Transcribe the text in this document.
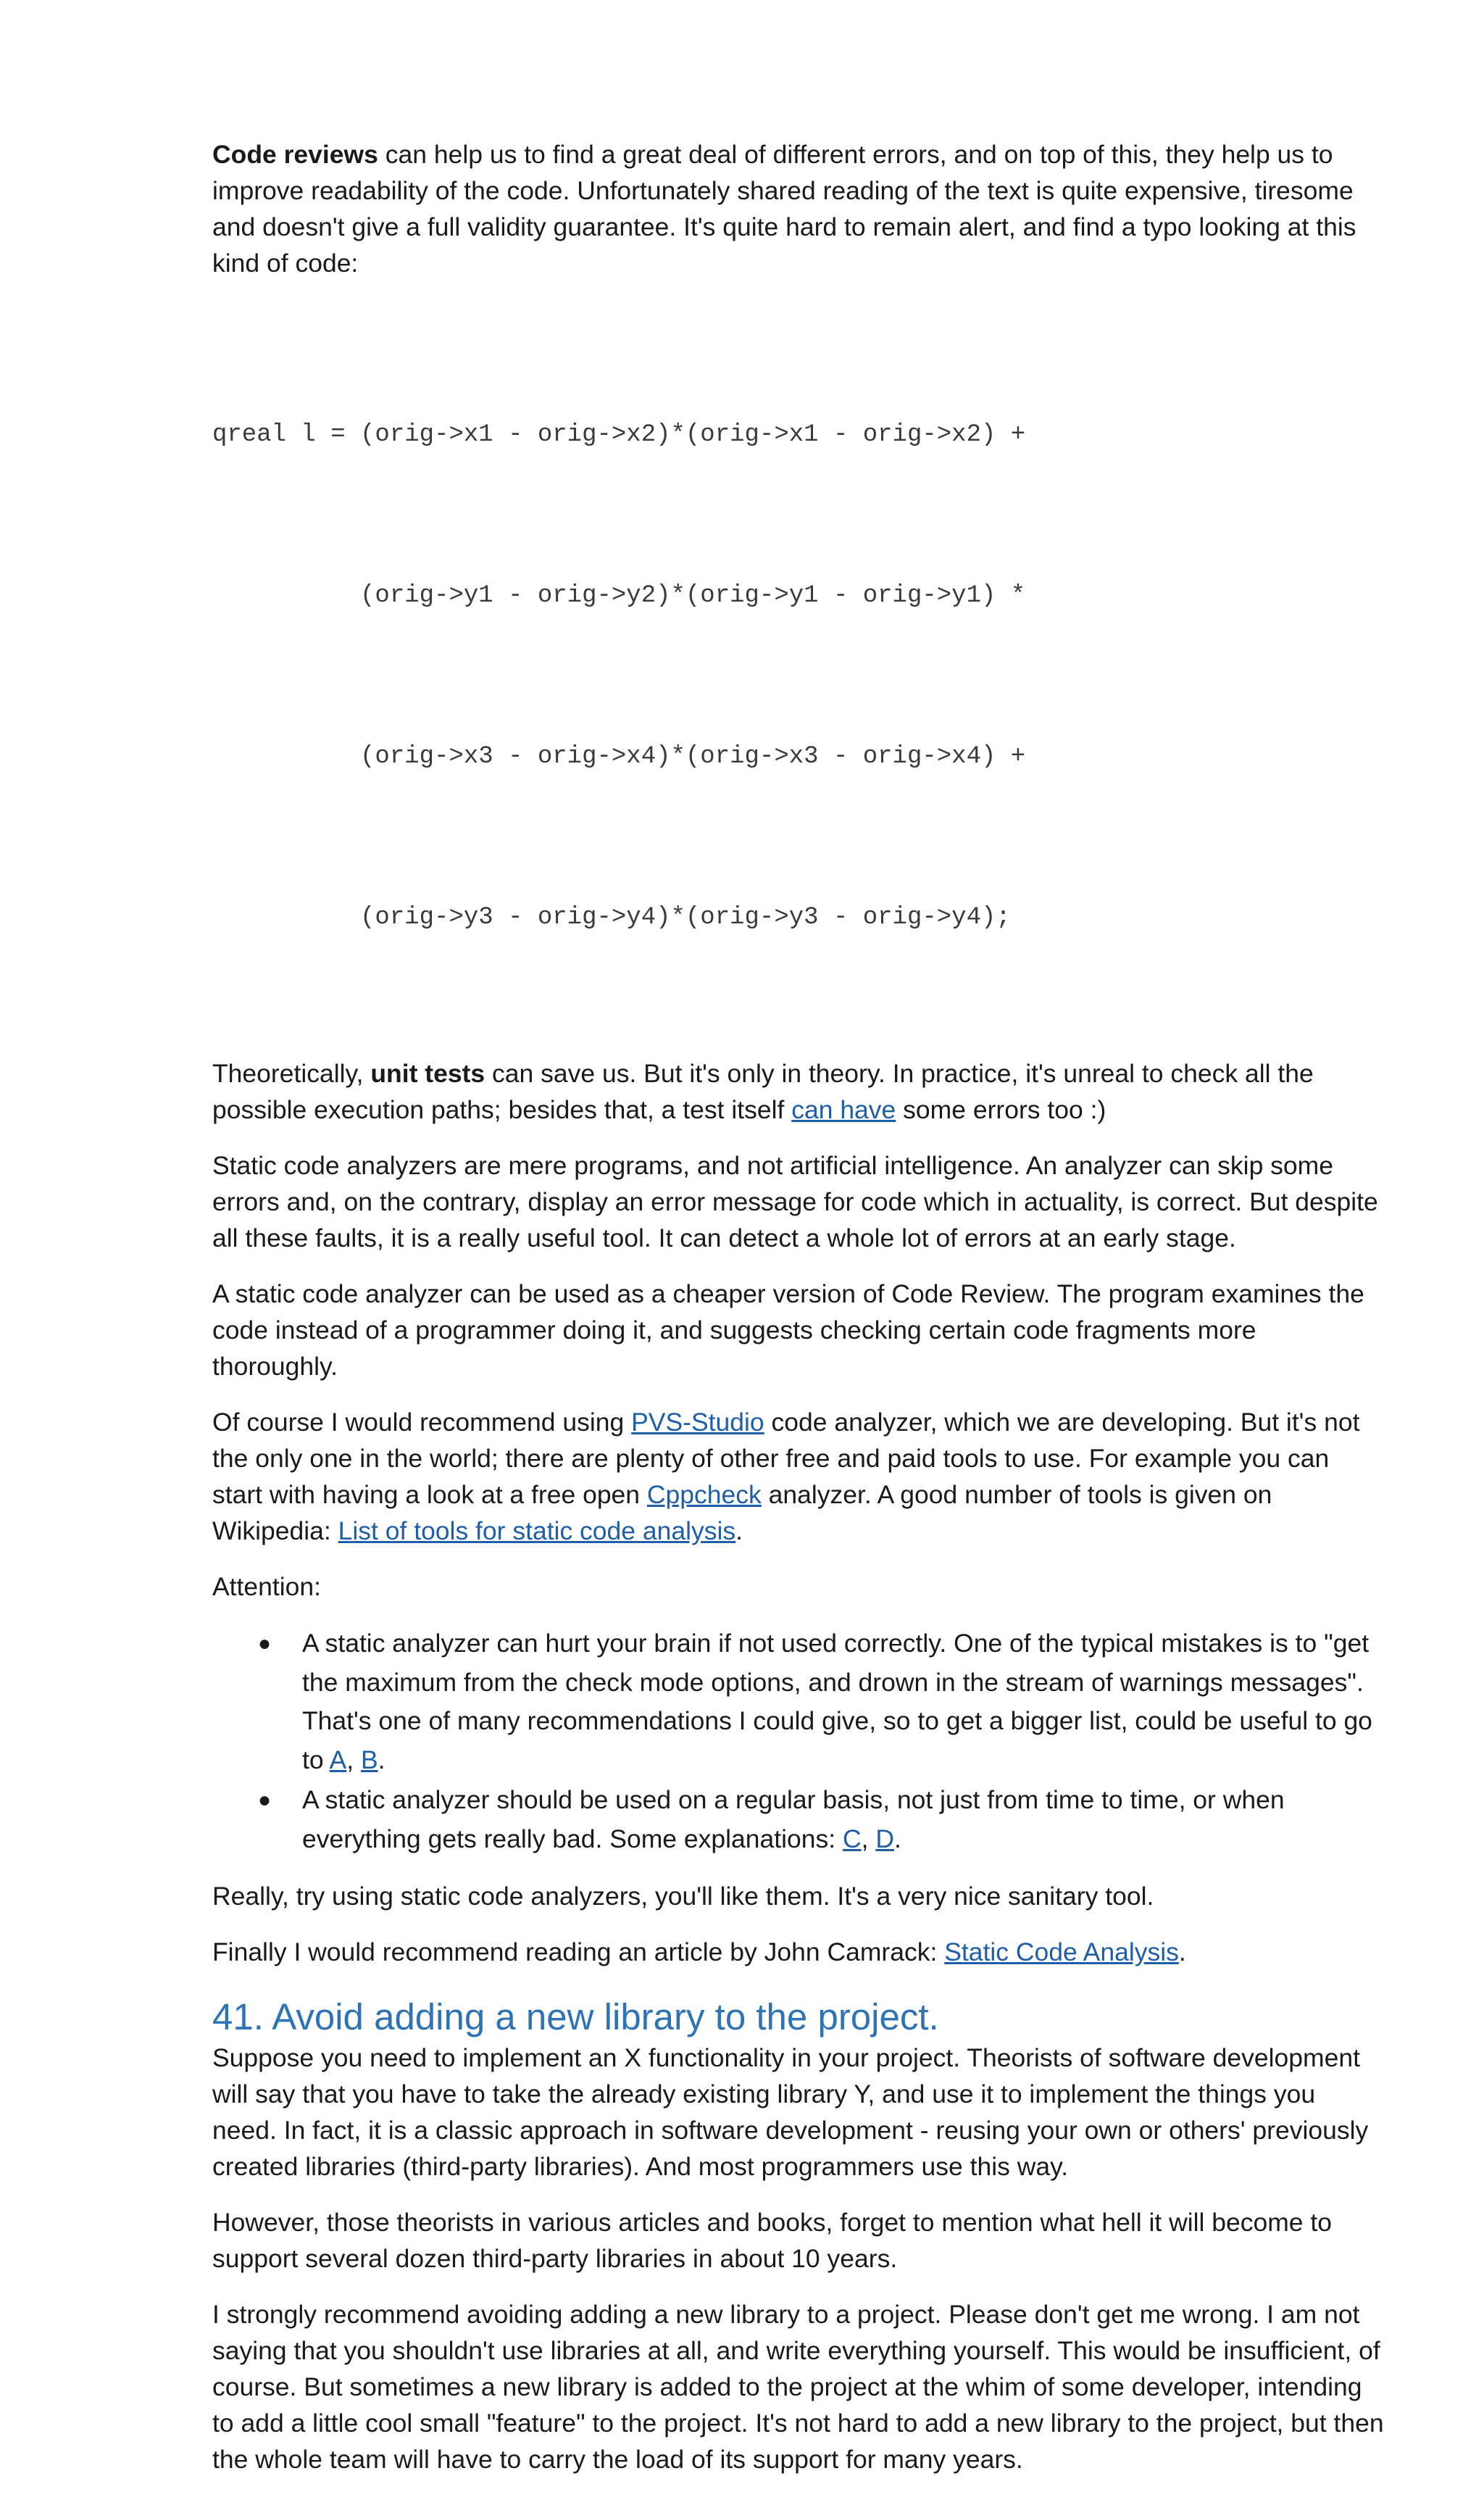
Code reviews can help us to find a great deal of different errors, and on top of this, they help us to improve readability of the code. Unfortunately shared reading of the text is quite expensive, tiresome and doesn't give a full validity guarantee. It's quite hard to remain alert, and find a typo looking at this kind of code:

qreal l = (orig->x1 - orig->x2)*(orig->x1 - orig->x2) +

(orig->y1 - orig->y2)*(orig->y1 - orig->y1) *

(orig->x3 - orig->x4)*(orig->x3 - orig->x4) +

(orig->y3 - orig->y4)*(orig->y3 - orig->y4);

Theoretically, unit tests can save us. But it's only in theory. In practice, it's unreal to check all the possible execution paths; besides that, a test itself can have some errors too :)

Static code analyzers are mere programs, and not artificial intelligence. An analyzer can skip some errors and, on the contrary, display an error message for code which in actuality, is correct. But despite all these faults, it is a really useful tool. It can detect a whole lot of errors at an early stage.

A static code analyzer can be used as a cheaper version of Code Review. The program examines the code instead of a programmer doing it, and suggests checking certain code fragments more thoroughly.

Of course I would recommend using PVS-Studio code analyzer, which we are developing. But it's not the only one in the world; there are plenty of other free and paid tools to use. For example you can start with having a look at a free open Cppcheck analyzer. A good number of tools is given on Wikipedia: List of tools for static code analysis.

Attention:

● A static analyzer can hurt your brain if not used correctly. One of the typical mistakes is to "get the maximum from the check mode options, and drown in the stream of warnings messages". That's one of many recommendations I could give, so to get a bigger list, could be useful to go to A, B.
● A static analyzer should be used on a regular basis, not just from time to time, or when everything gets really bad. Some explanations: C, D.

Really, try using static code analyzers, you'll like them. It's a very nice sanitary tool.

Finally I would recommend reading an article by John Camrack: Static Code Analysis.

41. Avoid adding a new library to the project.

Suppose you need to implement an X functionality in your project. Theorists of software development will say that you have to take the already existing library Y, and use it to implement the things you need. In fact, it is a classic approach in software development - reusing your own or others' previously created libraries (third-party libraries). And most programmers use this way.

However, those theorists in various articles and books, forget to mention what hell it will become to support several dozen third-party libraries in about 10 years.

I strongly recommend avoiding adding a new library to a project. Please don't get me wrong. I am not saying that you shouldn't use libraries at all, and write everything yourself. This would be insufficient, of course. But sometimes a new library is added to the project at the whim of some developer, intending to add a little cool small "feature" to the project. It's not hard to add a new library to the project, but then the whole team will have to carry the load of its support for many years.
